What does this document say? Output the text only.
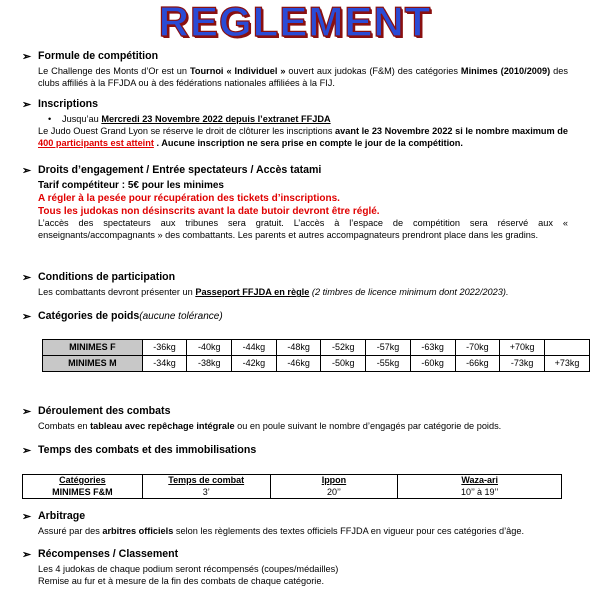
REGLEMENT
➢ Formule de compétition
Le Challenge des Monts d’Or est un Tournoi « Individuel » ouvert aux judokas (F&M) des catégories Minimes (2010/2009) des clubs affiliés à la FFJDA ou à des fédérations nationales affiliées à la FIJ.
➢ Inscriptions
• Jusqu’au Mercredi 23 Novembre 2022 depuis l’extranet FFJDA
Le Judo Ouest Grand Lyon se réserve le droit de clôturer les inscriptions avant le 23 Novembre 2022 si le nombre maximum de 400 participants est atteint . Aucune inscription ne sera prise en compte le jour de la compétition.
➢ Droits d’engagement / Entrée spectateurs / Accès tatami
Tarif compétiteur : 5€ pour les minimes
A régler à la pesée pour récupération des tickets d’inscriptions.
Tous les judokas non désinscrits avant la date butoir devront être réglé.
L’accès des spectateurs aux tribunes sera gratuit. L’accès à l’espace de compétition sera réservé aux « enseignants/accompagnants » des combattants. Les parents et autres accompagnateurs prendront place dans les gradins.
➢ Conditions de participation
Les combattants devront présenter un Passeport FFJDA en règle (2 timbres de licence minimum dont 2022/2023).
➢ Catégories de poids (aucune tolérance)
MINIMES F	-36kg	-40kg	-44kg	-48kg	-52kg	-57kg	-63kg	-70kg	+70kg	
MINIMES M	-34kg	-38kg	-42kg	-46kg	-50kg	-55kg	-60kg	-66kg	-73kg	+73kg
➢ Déroulement des combats
Combats en tableau avec repêchage intégrale ou en poule suivant le nombre d’engagés par catégorie de poids.
➢ Temps des combats et des immobilisations
Catégories	Temps de combat	Ippon	Waza-ari
MINIMES F&M	3’	20’’	10’’ à 19’’
➢ Arbitrage
Assuré par des arbitres officiels selon les règlements des textes officiels FFJDA en vigueur pour ces catégories d’âge.
➢ Récompenses / Classement
Les 4 judokas de chaque podium seront récompensés (coupes/médailles)
Remise au fur et à mesure de la fin des combats de chaque catégorie.
